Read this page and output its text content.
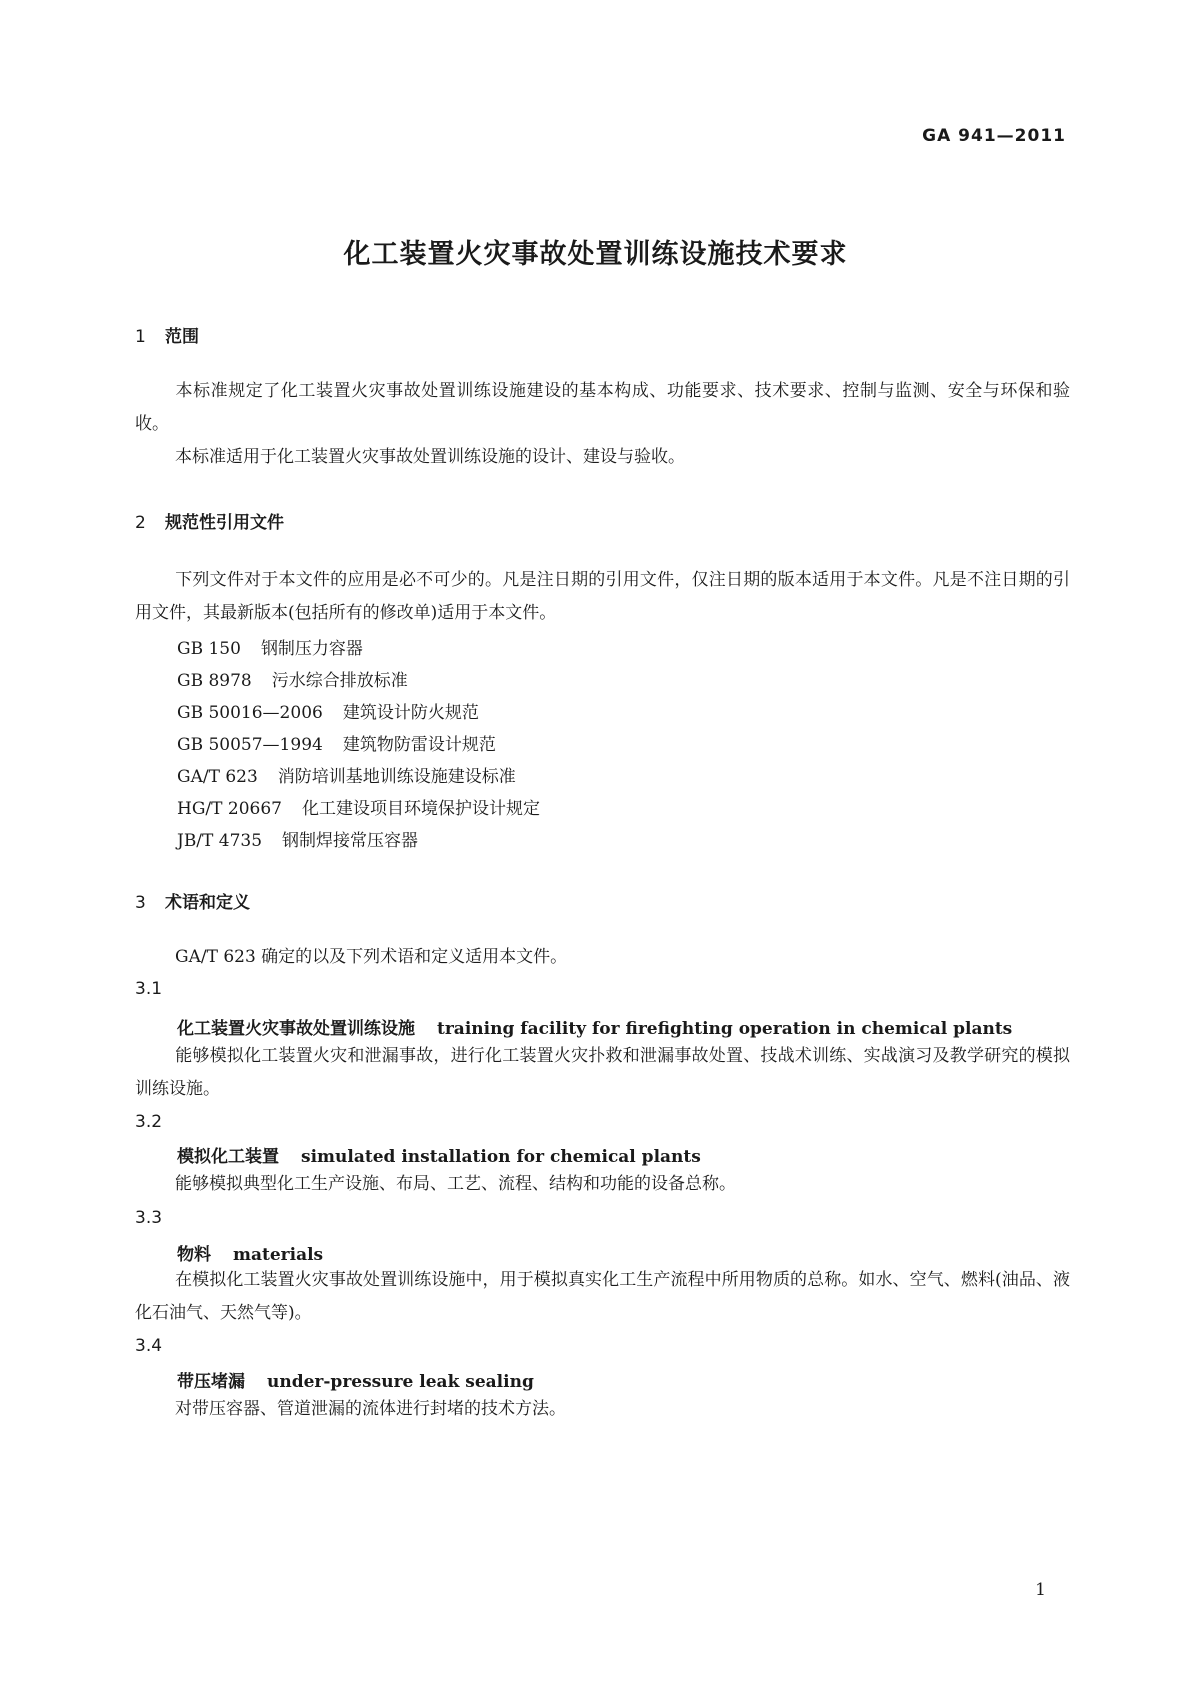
GA 941—2011
化工装置火灾事故处置训练设施技术要求
1 范围

本标准规定了化工装置火灾事故处置训练设施建设的基本构成、功能要求、技术要求、控制与监测、安全与环保和验收。

本标准适用于化工装置火灾事故处置训练设施的设计、建设与验收。

2 规范性引用文件

下列文件对于本文件的应用是必不可少的。凡是注日期的引用文件，仅注日期的版本适用于本文件。凡是不注日期的引用文件，其最新版本(包括所有的修改单)适用于本文件。

GB 150 钢制压力容器
GB 8978 污水综合排放标准
GB 50016—2006 建筑设计防火规范
GB 50057—1994 建筑物防雷设计规范
GA/T 623 消防培训基地训练设施建设标准
HG/T 20667 化工建设项目环境保护设计规定
JB/T 4735 钢制焊接常压容器
3 术语和定义

GA/T 623 确定的以及下列术语和定义适用本文件。

3.1
化工装置火灾事故处置训练设施 training facility for firefighting operation in chemical plants

能够模拟化工装置火灾和泄漏事故，进行化工装置火灾扑救和泄漏事故处置、技战术训练、实战演习及教学研究的模拟训练设施。

3.2
模拟化工装置 simulated installation for chemical plants

能够模拟典型化工生产设施、布局、工艺、流程、结构和功能的设备总称。

3.3
物料 materials

在模拟化工装置火灾事故处置训练设施中，用于模拟真实化工生产流程中所用物质的总称。如水、空气、燃料(油品、液化石油气、天然气等)。

3.4
带压堵漏 under-pressure leak sealing

对带压容器、管道泄漏的流体进行封堵的技术方法。

1
